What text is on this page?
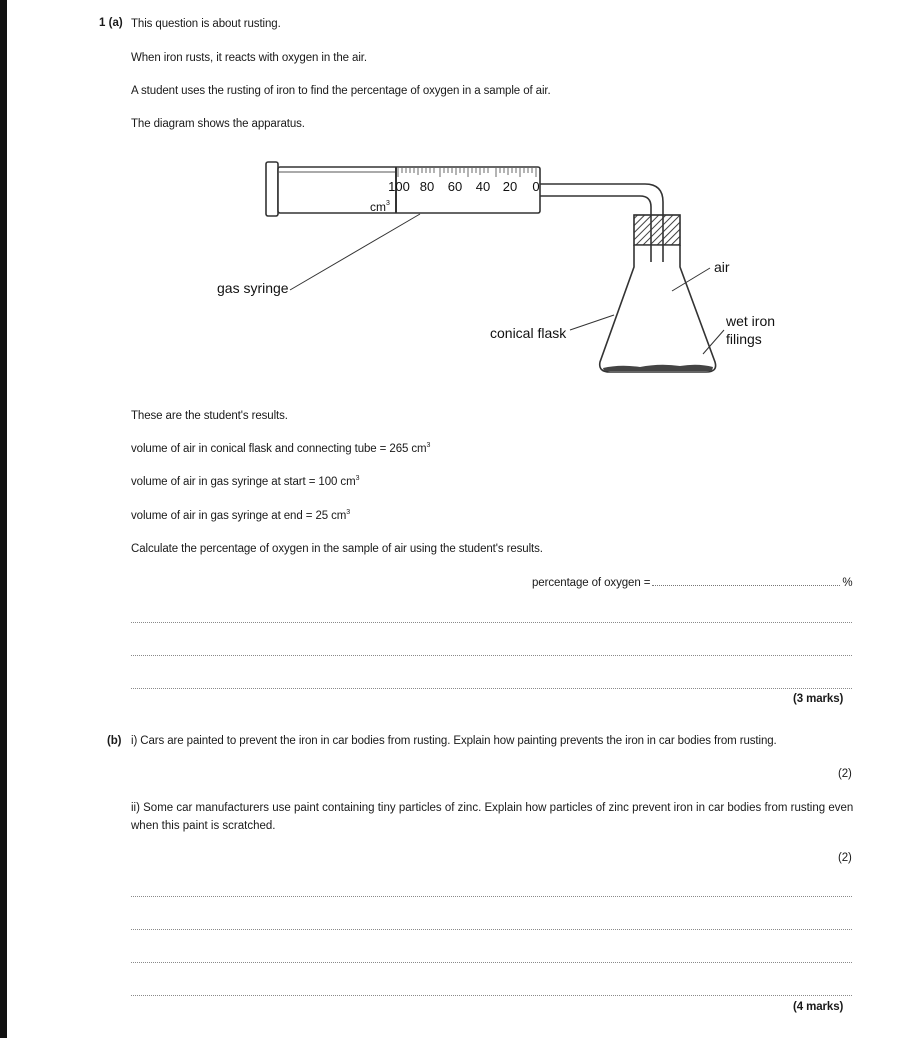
1 (a) This question is about rusting.
When iron rusts, it reacts with oxygen in the air.
A student uses the rusting of iron to find the percentage of oxygen in a sample of air.
The diagram shows the apparatus.
100 80 60 40 20 0
$cm^3$
gas syringe
conical flask
air
wet iron
filings
These are the student's results.
volume of air in conical flask and connecting tube = 265 $cm^3$
volume of air in gas syringe at start = 100 $cm^3$
volume of air in gas syringe at end = 25 $cm^3$
Calculate the percentage of oxygen in the sample of air using the student's results.
percentage of oxygen =	%
(3 marks)
(b) i) Cars are painted to prevent the iron in car bodies from rusting. Explain how painting prevents the iron in car bodies from rusting.
(2)
ii) Some car manufacturers use paint containing tiny particles of zinc. Explain how particles of zinc prevent iron in car bodies from rusting even when this paint is scratched.
(2)
(4 marks)
